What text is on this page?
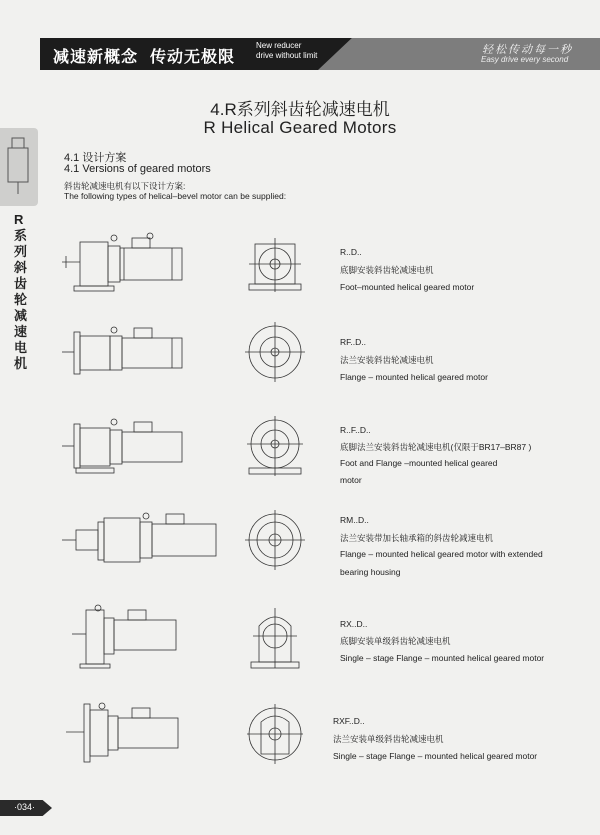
减速新概念 传动无极限
New reducer
drive without limit	轻松传动每一秒
Easy drive every second
R系列斜齿轮减速电机
4.R系列斜齿轮减速电机
R Helical Geared Motors
4.1 设计方案
4.1 Versions of geared motors
斜齿轮减速电机有以下设计方案:
The following types of helical–bevel motor can be supplied:
R..D..
底脚安装斜齿轮减速电机
Foot–mounted helical geared motor
RF..D..
法兰安装斜齿轮减速电机
Flange – mounted helical geared motor
R..F..D..
底脚法兰安装斜齿轮减速电机(仅限于BR17–BR87 )
Foot and Flange –mounted helical geared
motor
RM..D..
法兰安装带加长轴承箱的斜齿轮减速电机
Flange – mounted helical geared motor with extended
bearing housing
RX..D..
底脚安装单级斜齿轮减速电机
Single – stage Flange – mounted helical geared motor
RXF..D..
法兰安装单级斜齿轮减速电机
Single – stage Flange – mounted helical geared motor
·034·
